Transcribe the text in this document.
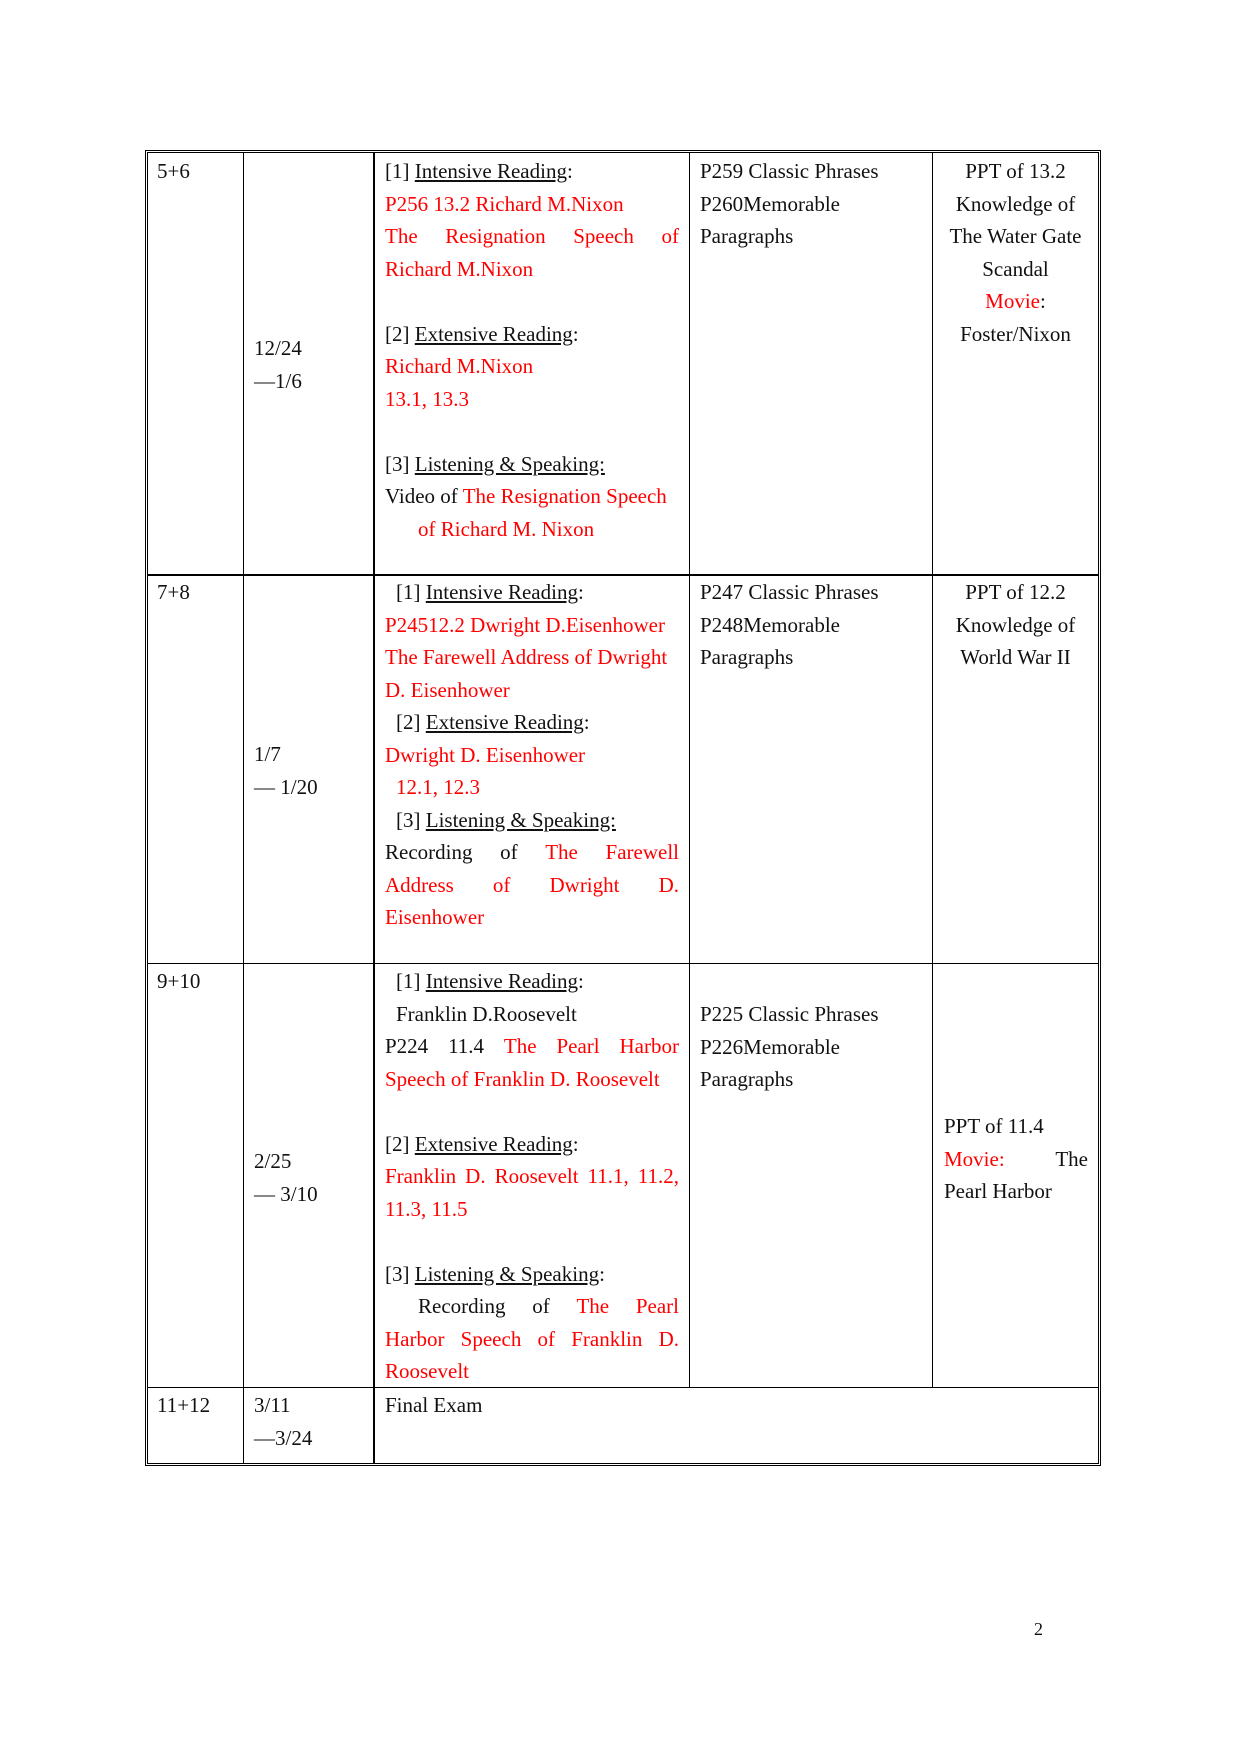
5+6
12/24
—1/6
[1] Intensive Reading:
P256 13.2 Richard M.Nixon
The Resignation Speech of
Richard M.Nixon

[2] Extensive Reading:
Richard M.Nixon
13.1, 13.3

[3] Listening & Speaking:
Video of The Resignation Speech
of Richard M. Nixon
P259 Classic Phrases
P260Memorable
Paragraphs
PPT of 13.2
Knowledge of
The Water Gate
Scandal
Movie:
Foster/Nixon
7+8
1/7
— 1/20
[1] Intensive Reading:
P24512.2 Dwright D.Eisenhower
The Farewell Address of Dwright
D. Eisenhower
[2] Extensive Reading:
Dwright D. Eisenhower
12.1, 12.3
[3] Listening & Speaking:
Recording of The Farewell
Address of Dwright D.
Eisenhower
P247 Classic Phrases
P248Memorable
Paragraphs
PPT of 12.2
Knowledge of
World War II
9+10
2/25
— 3/10
[1] Intensive Reading:
Franklin D.Roosevelt
P224 11.4 The Pearl Harbor
Speech of Franklin D. Roosevelt

[2] Extensive Reading:
Franklin D. Roosevelt 11.1, 11.2,
11.3, 11.5

[3] Listening & Speaking:
Recording of The Pearl
Harbor Speech of Franklin D.
Roosevelt
P225 Classic Phrases
P226Memorable
Paragraphs
PPT of 11.4
Movie: The
Pearl Harbor
11+12 3/11
—3/24
Final Exam
2
